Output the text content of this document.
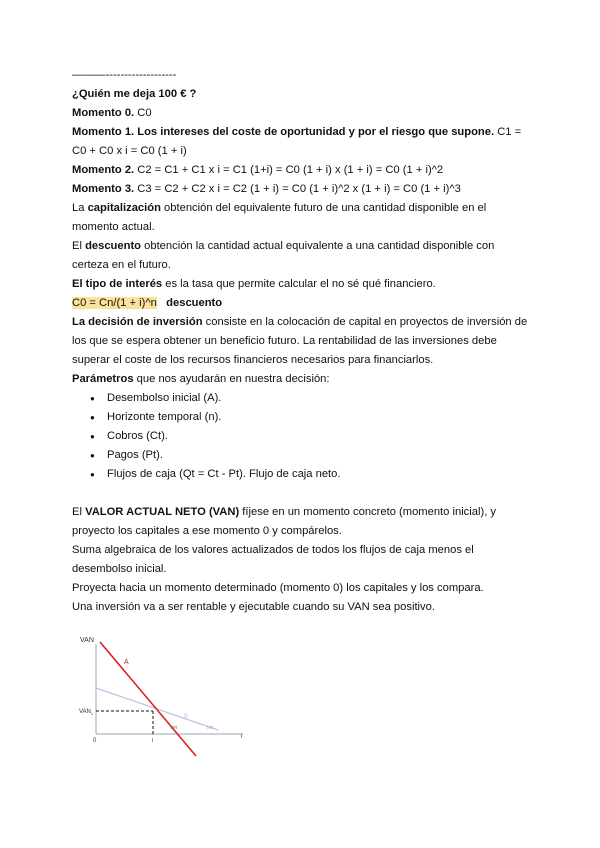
———-------------------
¿Quién me deja 100 € ?
Momento 0. C0
Momento 1. Los intereses del coste de oportunidad y por el riesgo que supone. C1 =
C0 + C0 x i = C0 (1 + i)
Momento 2. C2 = C1 + C1 x i = C1 (1+i) = C0 (1 + i) x (1 + i) = C0 (1 + i)^2
Momento 3. C3 = C2 + C2 x i = C2 (1 + i) = C0 (1 + i)^2 x (1 + i) = C0 (1 + i)^3
La capitalización obtención del equivalente futuro de una cantidad disponible en el
momento actual.
El descuento obtención la cantidad actual equivalente a una cantidad disponible con
certeza en el futuro.
El tipo de interés es la tasa que permite calcular el no sé qué financiero.
C0 = Cn/(1 + i)^n descuento
La decisión de inversión consiste en la colocación de capital en proyectos de inversión de
los que se espera obtener un beneficio futuro. La rentabilidad de las inversiones debe
superar el coste de los recursos financieros necesarios para financiarlos.
Parámetros que nos ayudarán en nuestra decisión:
● Desembolso inicial (A).
● Horizonte temporal (n).
● Cobros (Ct).
● Pagos (Pt).
● Flujos de caja (Qt = Ct - Pt). Flujo de caja neto.
El VALOR ACTUAL NETO (VAN) fíjese en un momento concreto (momento inicial), y
proyecto los capitales a ese momento 0 y compárelos.
Suma algebraica de los valores actualizados de todos los flujos de caja menos el
desembolso inicial.
Proyecta hacia un momento determinado (momento 0) los capitales y los compara.
Una inversión va a ser rentable y ejecutable cuando su VAN sea positivo.
VAN
A
B
$VAN_1$
0	i
TIR	TIR
i
